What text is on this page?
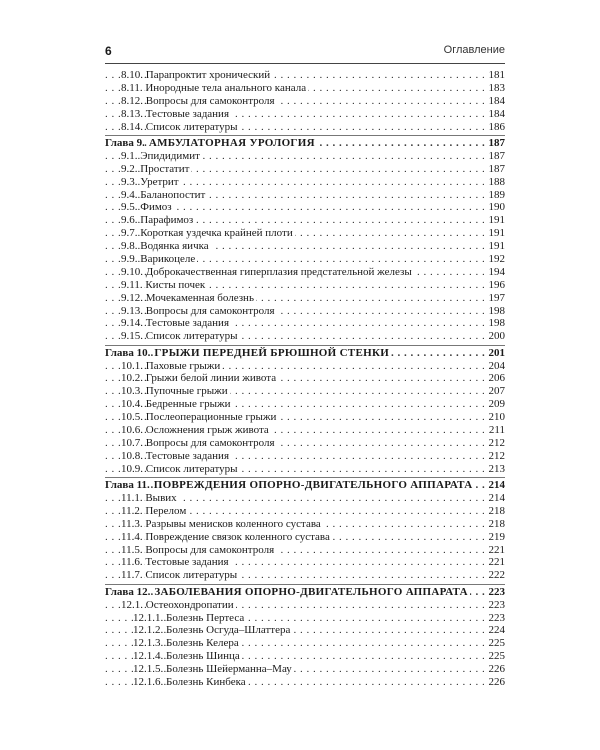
6	Оглавление
8.10. Парапроктит хронический	181
. . .
8.11. Инородные тела анального канала	183
. . .
8.12. Вопросы для самоконтроля	184
. . .
8.13. Тестовые задания	184
. . .
8.14. Список литературы	186
. . .
Глава 9. АМБУЛАТОРНАЯ УРОЛОГИЯ	187
. . .
9.1. Эпидидимит	187
. . .
9.2. Простатит	187
. . .
9.3. Уретрит	188
. . .
9.4. Баланопостит	189
. . .
9.5. Фимоз	190
. . .
9.6. Парафимоз	191
. . .
9.7. Короткая уздечка крайней плоти	191
. . .
9.8. Водянка яичка	191
. . .
9.9. Варикоцеле	192
. . .
9.10. Доброкачественная гиперплазия предстательной железы	194
. . .
9.11. Кисты почек	196
. . .
9.12. Мочекаменная болезнь	197
. . .
9.13. Вопросы для самоконтроля	198
. . .
9.14. Тестовые задания	198
. . .
9.15. Список литературы	200
. . .
Глава 10. ГРЫЖИ ПЕРЕДНЕЙ БРЮШНОЙ СТЕНКИ	201
. . .
10.1. Паховые грыжи	204
. . .
10.2. Грыжи белой линии живота	206
. . .
10.3. Пупочные грыжи	207
. . .
10.4. Бедренные грыжи	209
. . .
10.5. Послеоперационные грыжи	210
. . .
10.6. Осложнения грыж живота	211
. . .
10.7. Вопросы для самоконтроля	212
. . .
10.8. Тестовые задания	212
. . .
10.9. Список литературы	213
. . .
Глава 11. ПОВРЕЖДЕНИЯ ОПОРНО-ДВИГАТЕЛЬНОГО АППАРАТА 214
. . .
11.1. Вывих	214
. . .
11.2. Перелом	218
. . .
11.3. Разрывы менисков коленного сустава	218
. . .
11.4. Повреждение связок коленного сустава	219
. . .
11.5. Вопросы для самоконтроля	221
. . .
11.6. Тестовые задания	221
. . .
11.7. Список литературы	222
. . .
Глава 12. ЗАБОЛЕВАНИЯ ОПОРНО-ДВИГАТЕЛЬНОГО АППАРАТА 223
. . .
12.1. Остеохондропатии	223
. . .
12.1.1. Болезнь Пертеса	223
. . .
12.1.2. Болезнь Осгуда–Шлаттера	224
. . .
12.1.3. Болезнь Келера	225
. . .
12.1.4. Болезнь Шинца	225
. . .
12.1.5. Болезнь Шейерманна–Мау	226
. . .
12.1.6. Болезнь Кинбека	226
. . .
